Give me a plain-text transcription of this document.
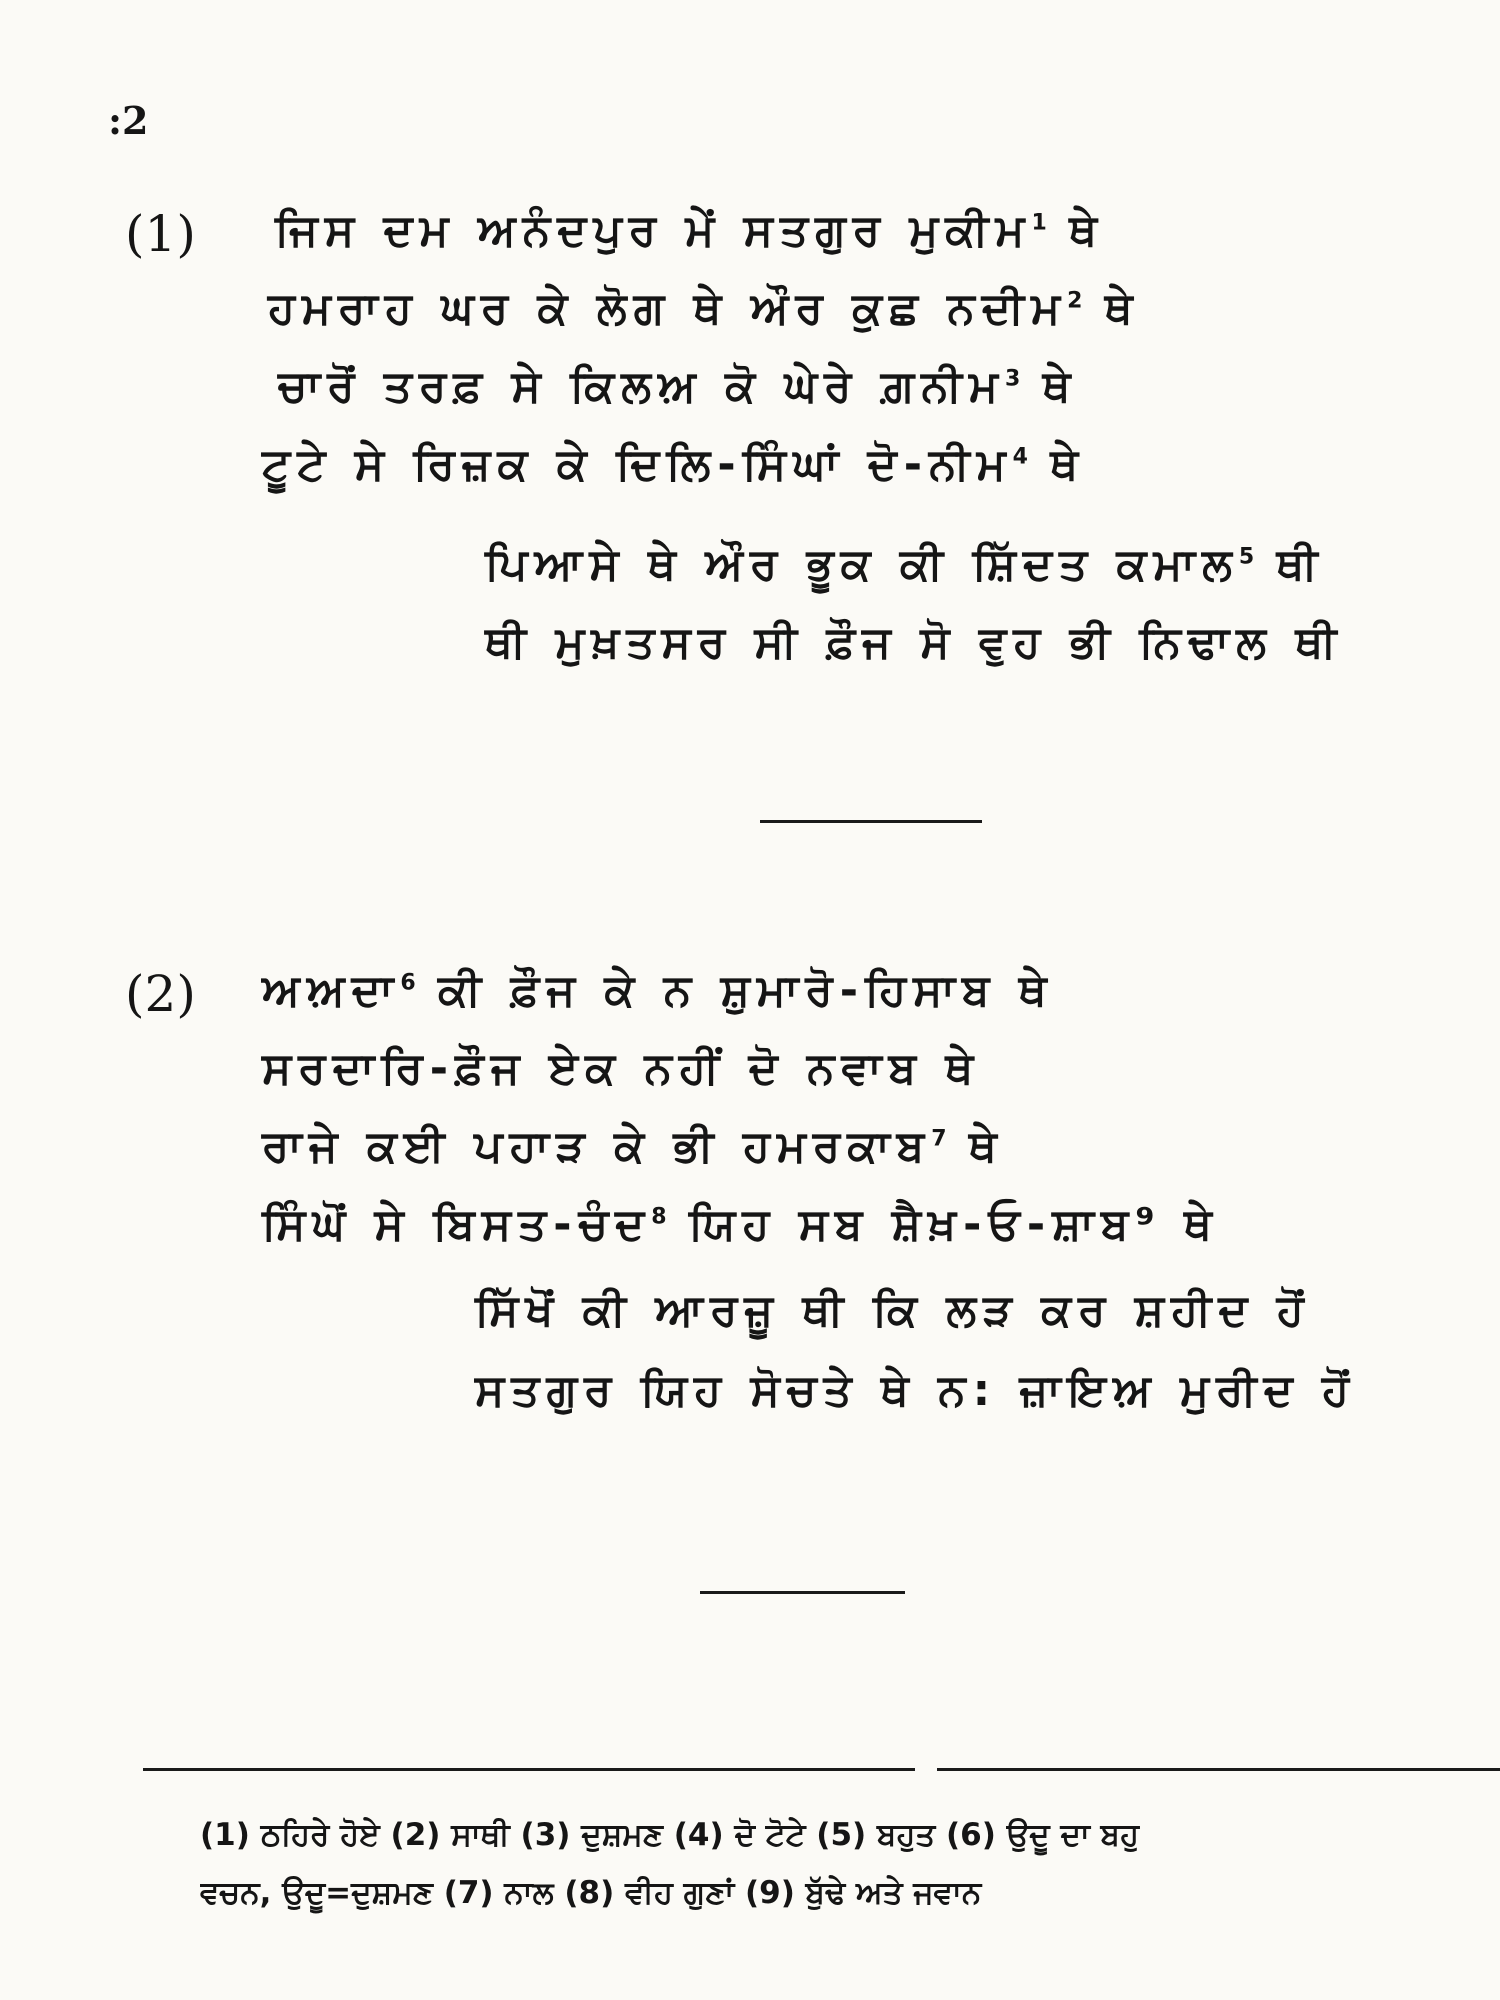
:2
(1) ਜਿਸ ਦਮ ਅਨੰਦਪੁਰ ਮੇਂ ਸਤਗੁਰ ਮੁਕੀਮ$^1$ ਥੇ
ਹਮਰਾਹ ਘਰ ਕੇ ਲੋਗ ਥੇ ਔਰ ਕੁਛ ਨਦੀਮ$^2$ ਥੇ
ਚਾਰੋਂ ਤਰਫ਼ ਸੇ ਕਿਲਅ਼ ਕੋ ਘੇਰੇ ਗ਼ਨੀਮ$^3$ ਥੇ
ਟੂਟੇ ਸੇ ਰਿਜ਼ਕ ਕੇ ਦਿਲਿ-ਸਿੰਘਾਂ ਦੋ-ਨੀਮ$^4$ ਥੇ
ਪਿਆਸੇ ਥੇ ਔਰ ਭੂਕ ਕੀ ਸ਼ਿੱਦਤ ਕਮਾਲ$^5$ ਥੀ
ਥੀ ਮੁਖ਼ਤਸਰ ਸੀ ਫ਼ੌਜ ਸੋ ਵੁਹ ਭੀ ਨਿਢਾਲ ਥੀ
(2) ਅਅ਼ਦਾ$^6$ ਕੀ ਫ਼ੌਜ ਕੇ ਨ ਸ਼ੁਮਾਰੋ-ਹਿਸਾਬ ਥੇ
ਸਰਦਾਰਿ-ਫ਼ੌਜ ਏਕ ਨਹੀਂ ਦੋ ਨਵਾਬ ਥੇ
ਰਾਜੇ ਕਈ ਪਹਾੜ ਕੇ ਭੀ ਹਮਰਕਾਬ$^7$ ਥੇ
ਸਿੰਘੋਂ ਸੇ ਬਿਸਤ-ਚੰਦ$^8$ ਯਿਹ ਸਬ ਸ਼ੈਖ਼-ਓ-ਸ਼ਾਬ⁹ ਥੇ
ਸਿੱਖੋਂ ਕੀ ਆਰਜ਼ੂ ਥੀ ਕਿ ਲੜ ਕਰ ਸ਼ਹੀਦ ਹੋਂ
ਸਤਗੁਰ ਯਿਹ ਸੋਚਤੇ ਥੇ ਨ: ਜ਼ਾਇਅ਼ ਮੁਰੀਦ ਹੋਂ
(1) ਠਹਿਰੇ ਹੋਏ (2) ਸਾਥੀ (3) ਦੁਸ਼ਮਣ (4) ਦੋ ਟੋਟੇ (5) ਬਹੁਤ (6) ਉਦੂ ਦਾ ਬਹੁ
ਵਚਨ, ਉਦੂ=ਦੁਸ਼ਮਣ (7) ਨਾਲ (8) ਵੀਹ ਗੁਣਾਂ (9) ਬੁੱਢੇ ਅਤੇ ਜਵਾਨ
